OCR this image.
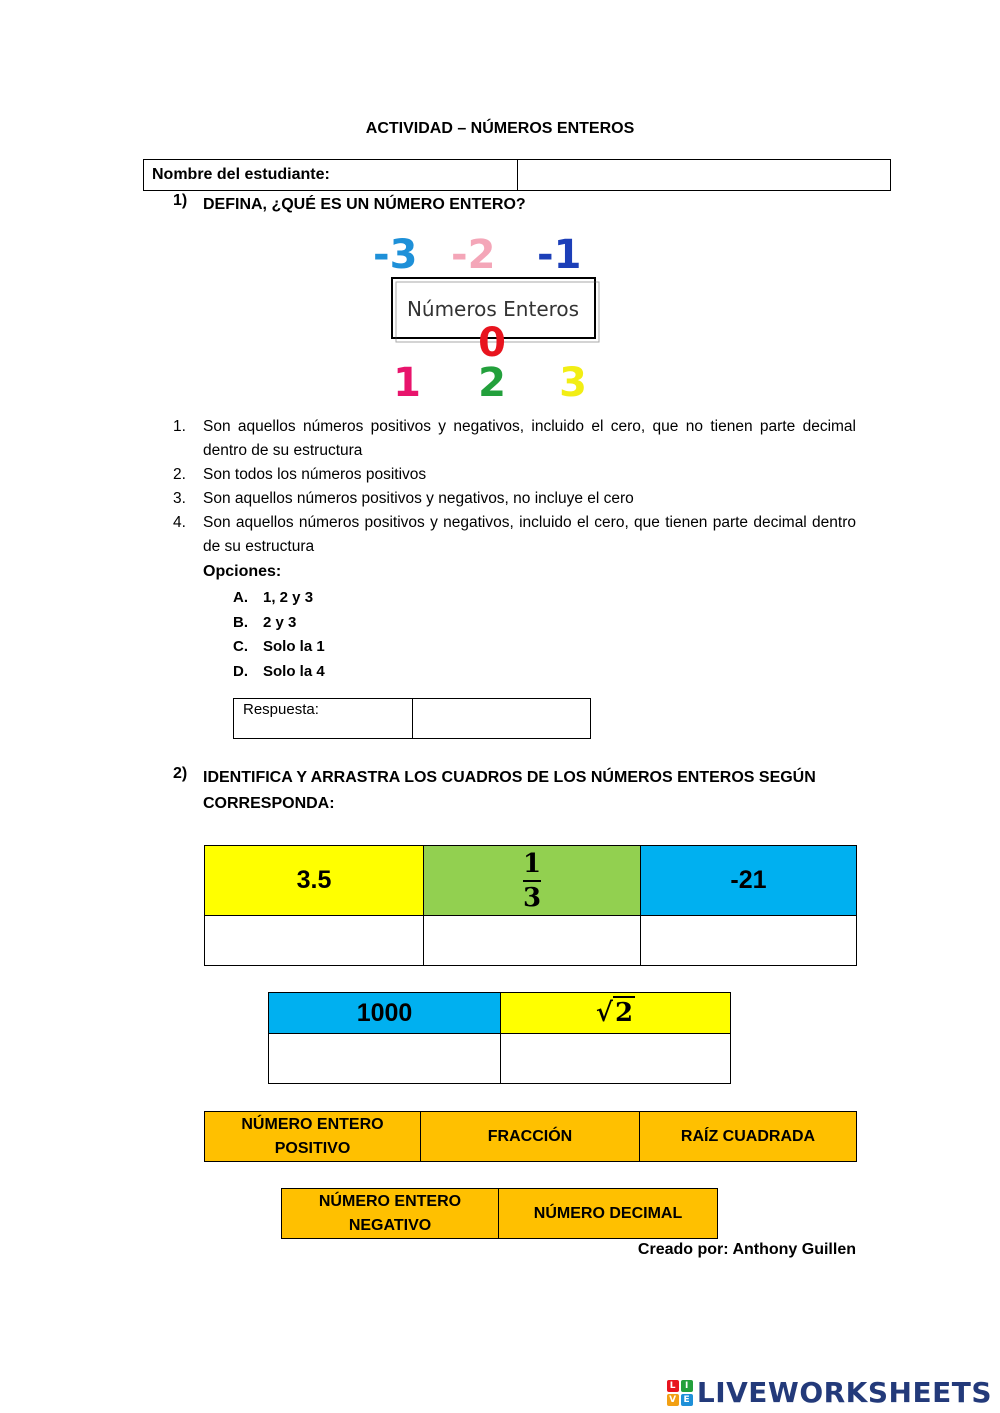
ACTIVIDAD – NÚMEROS ENTEROS
Nombre del estudiante:	
1) DEFINA, ¿QUÉ ES UN NÚMERO ENTERO?
-3 -2 -1
Números Enteros
0
1 2 3
1. Son aquellos números positivos y negativos, incluido el cero, que no tienen parte decimal dentro de su estructura
2. Son todos los números positivos
3. Son aquellos números positivos y negativos, no incluye el cero
4. Son aquellos números positivos y negativos, incluido el cero, que tienen parte decimal dentro de su estructura
Opciones:
A. 1, 2 y 3
B. 2 y 3
C. Solo la 1
D. Solo la 4
Respuesta:	
2) IDENTIFICA Y ARRASTRA LOS CUADROS DE LOS NÚMEROS ENTEROS SEGÚN CORRESPONDA:
3.5	$\frac{1}{3}$	-21

1000	√2

NÚMERO ENTERO POSITIVO	FRACCIÓN	RAÍZ CUADRADA
NÚMERO ENTERO NEGATIVO	NÚMERO DECIMAL
Creado por: Anthony Guillen
L I
V E LIVEWORKSHEETS
